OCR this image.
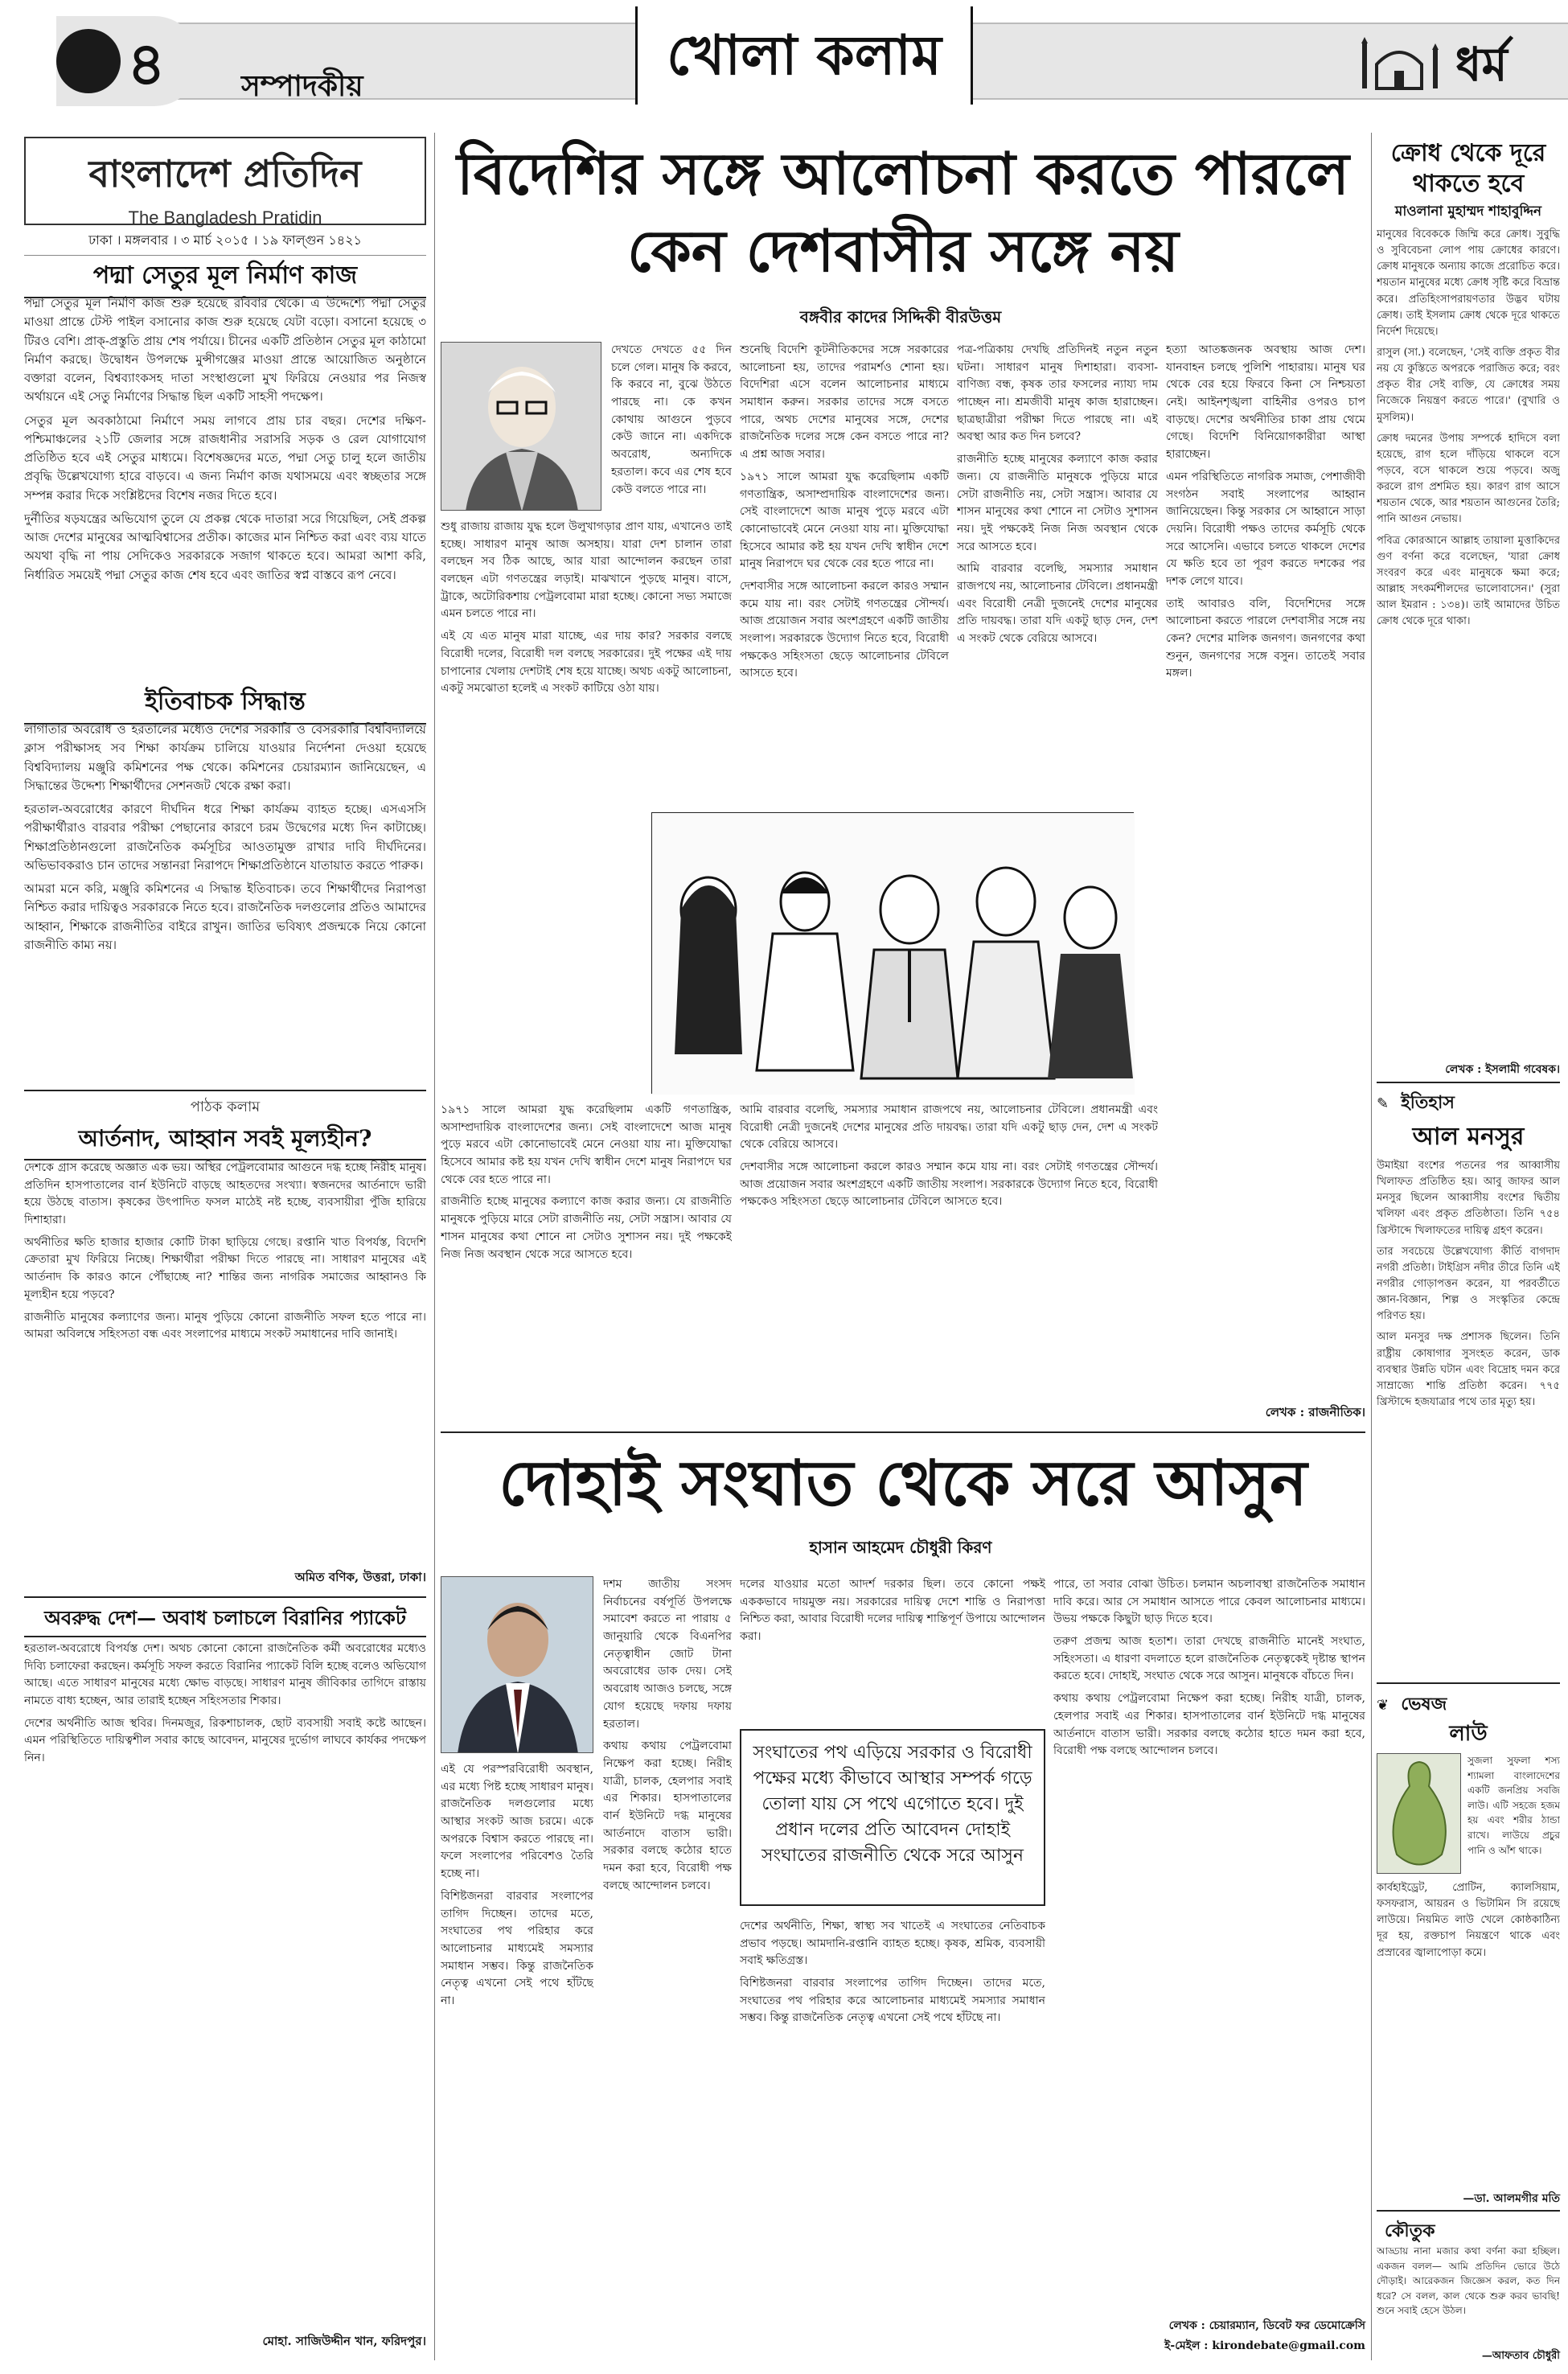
৪	সম্পাদকীয়	খোলা কলাম	ধর্ম
বাংলাদেশ প্রতিদিন
The Bangladesh Pratidin
ঢাকা । মঙ্গলবার । ৩ মার্চ ২০১৫ । ১৯ ফাল্গুন ১৪২১
পদ্মা সেতুর মূল নির্মাণ কাজ

পদ্মা সেতুর মূল নির্মাণ কাজ শুরু হয়েছে রবিবার থেকে। এ উদ্দেশ্যে পদ্মা সেতুর মাওয়া প্রান্তে টেস্ট পাইল বসানোর কাজ শুরু হয়েছে যেটা বড়ো। বসানো হয়েছে ৩ টিরও বেশি। প্রাক্-প্রস্তুতি প্রায় শেষ পর্যায়ে। চীনের একটি প্রতিষ্ঠান সেতুর মূল কাঠামো নির্মাণ করছে। উদ্বোধন উপলক্ষে মুন্সীগঞ্জের মাওয়া প্রান্তে আয়োজিত অনুষ্ঠানে বক্তারা বলেন, বিশ্বব্যাংকসহ দাতা সংস্থাগুলো মুখ ফিরিয়ে নেওয়ার পর নিজস্ব অর্থায়নে এই সেতু নির্মাণের সিদ্ধান্ত ছিল একটি সাহসী পদক্ষেপ।

সেতুর মূল অবকাঠামো নির্মাণে সময় লাগবে প্রায় চার বছর। দেশের দক্ষিণ-পশ্চিমাঞ্চলের ২১টি জেলার সঙ্গে রাজধানীর সরাসরি সড়ক ও রেল যোগাযোগ প্রতিষ্ঠিত হবে এই সেতুর মাধ্যমে। বিশেষজ্ঞদের মতে, পদ্মা সেতু চালু হলে জাতীয় প্রবৃদ্ধি উল্লেখযোগ্য হারে বাড়বে। এ জন্য নির্মাণ কাজ যথাসময়ে এবং স্বচ্ছতার সঙ্গে সম্পন্ন করার দিকে সংশ্লিষ্টদের বিশেষ নজর দিতে হবে।

দুর্নীতির ষড়যন্ত্রের অভিযোগ তুলে যে প্রকল্প থেকে দাতারা সরে গিয়েছিল, সেই প্রকল্প আজ দেশের মানুষের আত্মবিশ্বাসের প্রতীক। কাজের মান নিশ্চিত করা এবং ব্যয় যাতে অযথা বৃদ্ধি না পায় সেদিকেও সরকারকে সজাগ থাকতে হবে। আমরা আশা করি, নির্ধারিত সময়েই পদ্মা সেতুর কাজ শেষ হবে এবং জাতির স্বপ্ন বাস্তবে রূপ নেবে।

ইতিবাচক সিদ্ধান্ত

লাগাতার অবরোধ ও হরতালের মধ্যেও দেশের সরকারি ও বেসরকারি বিশ্ববিদ্যালয়ে ক্লাস পরীক্ষাসহ সব শিক্ষা কার্যক্রম চালিয়ে যাওয়ার নির্দেশনা দেওয়া হয়েছে বিশ্ববিদ্যালয় মঞ্জুরি কমিশনের পক্ষ থেকে। কমিশনের চেয়ারম্যান জানিয়েছেন, এ সিদ্ধান্তের উদ্দেশ্য শিক্ষার্থীদের সেশনজট থেকে রক্ষা করা।

হরতাল-অবরোধের কারণে দীর্ঘদিন ধরে শিক্ষা কার্যক্রম ব্যাহত হচ্ছে। এসএসসি পরীক্ষার্থীরাও বারবার পরীক্ষা পেছানোর কারণে চরম উদ্বেগের মধ্যে দিন কাটাচ্ছে। শিক্ষাপ্রতিষ্ঠানগুলো রাজনৈতিক কর্মসূচির আওতামুক্ত রাখার দাবি দীর্ঘদিনের। অভিভাবকরাও চান তাদের সন্তানরা নিরাপদে শিক্ষাপ্রতিষ্ঠানে যাতায়াত করতে পারুক।

আমরা মনে করি, মঞ্জুরি কমিশনের এ সিদ্ধান্ত ইতিবাচক। তবে শিক্ষার্থীদের নিরাপত্তা নিশ্চিত করার দায়িত্বও সরকারকে নিতে হবে। রাজনৈতিক দলগুলোর প্রতিও আমাদের আহ্বান, শিক্ষাকে রাজনীতির বাইরে রাখুন। জাতির ভবিষ্যৎ প্রজন্মকে নিয়ে কোনো রাজনীতি কাম্য নয়।

পাঠক কলাম
আর্তনাদ, আহ্বান সবই মূল্যহীন?

দেশকে গ্রাস করেছে অজ্ঞাত এক ভয়। অস্থির পেট্রলবোমার আগুনে দগ্ধ হচ্ছে নিরীহ মানুষ। প্রতিদিন হাসপাতালের বার্ন ইউনিটে বাড়ছে আহতদের সংখ্যা। স্বজনদের আর্তনাদে ভারী হয়ে উঠছে বাতাস। কৃষকের উৎপাদিত ফসল মাঠেই নষ্ট হচ্ছে, ব্যবসায়ীরা পুঁজি হারিয়ে দিশাহারা।

অর্থনীতির ক্ষতি হাজার হাজার কোটি টাকা ছাড়িয়ে গেছে। রপ্তানি খাত বিপর্যস্ত, বিদেশি ক্রেতারা মুখ ফিরিয়ে নিচ্ছে। শিক্ষার্থীরা পরীক্ষা দিতে পারছে না। সাধারণ মানুষের এই আর্তনাদ কি কারও কানে পৌঁছাচ্ছে না? শান্তির জন্য নাগরিক সমাজের আহ্বানও কি মূল্যহীন হয়ে পড়বে?

রাজনীতি মানুষের কল্যাণের জন্য। মানুষ পুড়িয়ে কোনো রাজনীতি সফল হতে পারে না। আমরা অবিলম্বে সহিংসতা বন্ধ এবং সংলাপের মাধ্যমে সংকট সমাধানের দাবি জানাই।

অমিত বণিক, উত্তরা, ঢাকা।
অবরুদ্ধ দেশ— অবাধ চলাচলে বিরানির প্যাকেট

হরতাল-অবরোধে বিপর্যস্ত দেশ। অথচ কোনো কোনো রাজনৈতিক কর্মী অবরোধের মধ্যেও দিব্যি চলাফেরা করছেন। কর্মসূচি সফল করতে বিরানির প্যাকেট বিলি হচ্ছে বলেও অভিযোগ আছে। এতে সাধারণ মানুষের মধ্যে ক্ষোভ বাড়ছে। সাধারণ মানুষ জীবিকার তাগিদে রাস্তায় নামতে বাধ্য হচ্ছেন, আর তারাই হচ্ছেন সহিংসতার শিকার।

দেশের অর্থনীতি আজ স্থবির। দিনমজুর, রিকশাচালক, ছোট ব্যবসায়ী সবাই কষ্টে আছেন। এমন পরিস্থিতিতে দায়িত্বশীল সবার কাছে আবেদন, মানুষের দুর্ভোগ লাঘবে কার্যকর পদক্ষেপ নিন।

মোহা. সাজিউদ্দীন খান, ফরিদপুর।
বিদেশির সঙ্গে আলোচনা করতে পারলে
কেন দেশবাসীর সঙ্গে নয়
বঙ্গবীর কাদের সিদ্দিকী বীরউত্তম

দেখতে দেখতে ৫৫ দিন চলে গেল। মানুষ কি করবে, কি করবে না, বুঝে উঠতে পারছে না। কে কখন কোথায় আগুনে পুড়বে কেউ জানে না। একদিকে অবরোধ, অন্যদিকে হরতাল। কবে এর শেষ হবে কেউ বলতে পারে না।

শুধু রাজায় রাজায় যুদ্ধ হলে উলুখাগড়ার প্রাণ যায়, এখানেও তাই হচ্ছে। সাধারণ মানুষ আজ অসহায়। যারা দেশ চালান তারা বলছেন সব ঠিক আছে, আর যারা আন্দোলন করছেন তারা বলছেন এটা গণতন্ত্রের লড়াই। মাঝখানে পুড়ছে মানুষ। বাসে, ট্রাকে, অটোরিকশায় পেট্রলবোমা মারা হচ্ছে। কোনো সভ্য সমাজে এমন চলতে পারে না।

এই যে এত মানুষ মারা যাচ্ছে, এর দায় কার? সরকার বলছে বিরোধী দলের, বিরোধী দল বলছে সরকারের। দুই পক্ষের এই দায় চাপানোর খেলায় দেশটাই শেষ হয়ে যাচ্ছে। অথচ একটু আলোচনা, একটু সমঝোতা হলেই এ সংকট কাটিয়ে ওঠা যায়।

শুনেছি বিদেশি কূটনীতিকদের সঙ্গে সরকারের আলোচনা হয়, তাদের পরামর্শও শোনা হয়। বিদেশিরা এসে বলেন আলোচনার মাধ্যমে সমাধান করুন। সরকার তাদের সঙ্গে বসতে পারে, অথচ দেশের মানুষের সঙ্গে, দেশের রাজনৈতিক দলের সঙ্গে কেন বসতে পারে না? এ প্রশ্ন আজ সবার।

১৯৭১ সালে আমরা যুদ্ধ করেছিলাম একটি গণতান্ত্রিক, অসাম্প্রদায়িক বাংলাদেশের জন্য। সেই বাংলাদেশে আজ মানুষ পুড়ে মরবে এটা কোনোভাবেই মেনে নেওয়া যায় না। মুক্তিযোদ্ধা হিসেবে আমার কষ্ট হয় যখন দেখি স্বাধীন দেশে মানুষ নিরাপদে ঘর থেকে বের হতে পারে না।

দেশবাসীর সঙ্গে আলোচনা করলে কারও সম্মান কমে যায় না। বরং সেটাই গণতন্ত্রের সৌন্দর্য। আজ প্রয়োজন সবার অংশগ্রহণে একটি জাতীয় সংলাপ। সরকারকে উদ্যোগ নিতে হবে, বিরোধী পক্ষকেও সহিংসতা ছেড়ে আলোচনার টেবিলে আসতে হবে।

পত্র-পত্রিকায় দেখছি প্রতিদিনই নতুন নতুন ঘটনা। সাধারণ মানুষ দিশাহারা। ব্যবসা-বাণিজ্য বন্ধ, কৃষক তার ফসলের ন্যায্য দাম পাচ্ছেন না। শ্রমজীবী মানুষ কাজ হারাচ্ছেন। ছাত্রছাত্রীরা পরীক্ষা দিতে পারছে না। এই অবস্থা আর কত দিন চলবে?

রাজনীতি হচ্ছে মানুষের কল্যাণে কাজ করার জন্য। যে রাজনীতি মানুষকে পুড়িয়ে মারে সেটা রাজনীতি নয়, সেটা সন্ত্রাস। আবার যে শাসন মানুষের কথা শোনে না সেটাও সুশাসন নয়। দুই পক্ষকেই নিজ নিজ অবস্থান থেকে সরে আসতে হবে।

আমি বারবার বলেছি, সমস্যার সমাধান রাজপথে নয়, আলোচনার টেবিলে। প্রধানমন্ত্রী এবং বিরোধী নেত্রী দুজনেই দেশের মানুষের প্রতি দায়বদ্ধ। তারা যদি একটু ছাড় দেন, দেশ এ সংকট থেকে বেরিয়ে আসবে।

হত্যা আতঙ্কজনক অবস্থায় আজ দেশ। যানবাহন চলছে পুলিশি পাহারায়। মানুষ ঘর থেকে বের হয়ে ফিরবে কিনা সে নিশ্চয়তা নেই। আইনশৃঙ্খলা বাহিনীর ওপরও চাপ বাড়ছে। দেশের অর্থনীতির চাকা প্রায় থেমে গেছে। বিদেশি বিনিয়োগকারীরা আস্থা হারাচ্ছেন।

এমন পরিস্থিতিতে নাগরিক সমাজ, পেশাজীবী সংগঠন সবাই সংলাপের আহ্বান জানিয়েছেন। কিন্তু সরকার সে আহ্বানে সাড়া দেয়নি। বিরোধী পক্ষও তাদের কর্মসূচি থেকে সরে আসেনি। এভাবে চলতে থাকলে দেশের যে ক্ষতি হবে তা পূরণ করতে দশকের পর দশক লেগে যাবে।

তাই আবারও বলি, বিদেশিদের সঙ্গে আলোচনা করতে পারলে দেশবাসীর সঙ্গে নয় কেন? দেশের মালিক জনগণ। জনগণের কথা শুনুন, জনগণের সঙ্গে বসুন। তাতেই সবার মঙ্গল।

১৯৭১ সালে আমরা যুদ্ধ করেছিলাম একটি গণতান্ত্রিক, অসাম্প্রদায়িক বাংলাদেশের জন্য। সেই বাংলাদেশে আজ মানুষ পুড়ে মরবে এটা কোনোভাবেই মেনে নেওয়া যায় না। মুক্তিযোদ্ধা হিসেবে আমার কষ্ট হয় যখন দেখি স্বাধীন দেশে মানুষ নিরাপদে ঘর থেকে বের হতে পারে না।

রাজনীতি হচ্ছে মানুষের কল্যাণে কাজ করার জন্য। যে রাজনীতি মানুষকে পুড়িয়ে মারে সেটা রাজনীতি নয়, সেটা সন্ত্রাস। আবার যে শাসন মানুষের কথা শোনে না সেটাও সুশাসন নয়। দুই পক্ষকেই নিজ নিজ অবস্থান থেকে সরে আসতে হবে।

আমি বারবার বলেছি, সমস্যার সমাধান রাজপথে নয়, আলোচনার টেবিলে। প্রধানমন্ত্রী এবং বিরোধী নেত্রী দুজনেই দেশের মানুষের প্রতি দায়বদ্ধ। তারা যদি একটু ছাড় দেন, দেশ এ সংকট থেকে বেরিয়ে আসবে।

দেশবাসীর সঙ্গে আলোচনা করলে কারও সম্মান কমে যায় না। বরং সেটাই গণতন্ত্রের সৌন্দর্য। আজ প্রয়োজন সবার অংশগ্রহণে একটি জাতীয় সংলাপ। সরকারকে উদ্যোগ নিতে হবে, বিরোধী পক্ষকেও সহিংসতা ছেড়ে আলোচনার টেবিলে আসতে হবে।

লেখক : রাজনীতিক।
দোহাই সংঘাত থেকে সরে আসুন
হাসান আহমেদ চৌধুরী কিরণ

দশম জাতীয় সংসদ নির্বাচনের বর্ষপূর্তি উপলক্ষে সমাবেশ করতে না পারায় ৫ জানুয়ারি থেকে বিএনপির নেতৃত্বাধীন জোট টানা অবরোধের ডাক দেয়। সেই অবরোধ আজও চলছে, সঙ্গে যোগ হয়েছে দফায় দফায় হরতাল।

কথায় কথায় পেট্রলবোমা নিক্ষেপ করা হচ্ছে। নিরীহ যাত্রী, চালক, হেলপার সবাই এর শিকার। হাসপাতালের বার্ন ইউনিটে দগ্ধ মানুষের আর্তনাদে বাতাস ভারী। সরকার বলছে কঠোর হাতে দমন করা হবে, বিরোধী পক্ষ বলছে আন্দোলন চলবে।

এই যে পরস্পরবিরোধী অবস্থান, এর মধ্যে পিষ্ট হচ্ছে সাধারণ মানুষ। রাজনৈতিক দলগুলোর মধ্যে আস্থার সংকট আজ চরমে। একে অপরকে বিশ্বাস করতে পারছে না। ফলে সংলাপের পরিবেশও তৈরি হচ্ছে না।

বিশিষ্টজনরা বারবার সংলাপের তাগিদ দিচ্ছেন। তাদের মতে, সংঘাতের পথ পরিহার করে আলোচনার মাধ্যমেই সমস্যার সমাধান সম্ভব। কিন্তু রাজনৈতিক নেতৃত্ব এখনো সেই পথে হাঁটছে না।

দলের যাওয়ার মতো আদর্শ দরকার ছিল। তবে কোনো পক্ষই এককভাবে দায়মুক্ত নয়। সরকারের দায়িত্ব দেশে শান্তি ও নিরাপত্তা নিশ্চিত করা, আবার বিরোধী দলের দায়িত্ব শান্তিপূর্ণ উপায়ে আন্দোলন করা।

সংঘাতের পথ এড়িয়ে সরকার ও বিরোধী পক্ষের মধ্যে কীভাবে আস্থার সম্পর্ক গড়ে তোলা যায় সে পথে এগোতে হবে। দুই প্রধান দলের প্রতি আবেদন দোহাই সংঘাতের রাজনীতি থেকে সরে আসুন

দেশের অর্থনীতি, শিক্ষা, স্বাস্থ্য সব খাতেই এ সংঘাতের নেতিবাচক প্রভাব পড়ছে। আমদানি-রপ্তানি ব্যাহত হচ্ছে। কৃষক, শ্রমিক, ব্যবসায়ী সবাই ক্ষতিগ্রস্ত।

বিশিষ্টজনরা বারবার সংলাপের তাগিদ দিচ্ছেন। তাদের মতে, সংঘাতের পথ পরিহার করে আলোচনার মাধ্যমেই সমস্যার সমাধান সম্ভব। কিন্তু রাজনৈতিক নেতৃত্ব এখনো সেই পথে হাঁটছে না।

পারে, তা সবার বোঝা উচিত। চলমান অচলাবস্থা রাজনৈতিক সমাধান দাবি করে। আর সে সমাধান আসতে পারে কেবল আলোচনার মাধ্যমে। উভয় পক্ষকে কিছুটা ছাড় দিতে হবে।

তরুণ প্রজন্ম আজ হতাশ। তারা দেখছে রাজনীতি মানেই সংঘাত, সহিংসতা। এ ধারণা বদলাতে হলে রাজনৈতিক নেতৃত্বকেই দৃষ্টান্ত স্থাপন করতে হবে। দোহাই, সংঘাত থেকে সরে আসুন। মানুষকে বাঁচতে দিন।

কথায় কথায় পেট্রলবোমা নিক্ষেপ করা হচ্ছে। নিরীহ যাত্রী, চালক, হেলপার সবাই এর শিকার। হাসপাতালের বার্ন ইউনিটে দগ্ধ মানুষের আর্তনাদে বাতাস ভারী। সরকার বলছে কঠোর হাতে দমন করা হবে, বিরোধী পক্ষ বলছে আন্দোলন চলবে।

লেখক : চেয়ারম্যান, ডিবেট ফর ডেমোক্রেসি
ই-মেইল : kirondebate@gmail.com
ক্রোধ থেকে দূরে থাকতে হবে
মাওলানা মুহাম্মদ শাহাবুদ্দিন

মানুষের বিবেককে জিম্মি করে ক্রোধ। সুবুদ্ধি ও সুবিবেচনা লোপ পায় ক্রোধের কারণে। ক্রোধ মানুষকে অন্যায় কাজে প্ররোচিত করে। শয়তান মানুষের মধ্যে ক্রোধ সৃষ্টি করে বিভ্রান্ত করে। প্রতিহিংসাপরায়ণতার উদ্ভব ঘটায় ক্রোধ। তাই ইসলাম ক্রোধ থেকে দূরে থাকতে নির্দেশ দিয়েছে।

রাসুল (সা.) বলেছেন, 'সেই ব্যক্তি প্রকৃত বীর নয় যে কুস্তিতে অপরকে পরাজিত করে; বরং প্রকৃত বীর সেই ব্যক্তি, যে ক্রোধের সময় নিজেকে নিয়ন্ত্রণ করতে পারে।' (বুখারি ও মুসলিম)।

ক্রোধ দমনের উপায় সম্পর্কে হাদিসে বলা হয়েছে, রাগ হলে দাঁড়িয়ে থাকলে বসে পড়বে, বসে থাকলে শুয়ে পড়বে। অজু করলে রাগ প্রশমিত হয়। কারণ রাগ আসে শয়তান থেকে, আর শয়তান আগুনের তৈরি; পানি আগুন নেভায়।

পবিত্র কোরআনে আল্লাহ তায়ালা মুত্তাকিদের গুণ বর্ণনা করে বলেছেন, 'যারা ক্রোধ সংবরণ করে এবং মানুষকে ক্ষমা করে; আল্লাহ সৎকর্মশীলদের ভালোবাসেন।' (সুরা আল ইমরান : ১৩৪)। তাই আমাদের উচিত ক্রোধ থেকে দূরে থাকা।

লেখক : ইসলামী গবেষক।
✎ ইতিহাস
আল মনসুর

উমাইয়া বংশের পতনের পর আব্বাসীয় খিলাফত প্রতিষ্ঠিত হয়। আবু জাফর আল মনসুর ছিলেন আব্বাসীয় বংশের দ্বিতীয় খলিফা এবং প্রকৃত প্রতিষ্ঠাতা। তিনি ৭৫৪ খ্রিস্টাব্দে খিলাফতের দায়িত্ব গ্রহণ করেন।

তার সবচেয়ে উল্লেখযোগ্য কীর্তি বাগদাদ নগরী প্রতিষ্ঠা। টাইগ্রিস নদীর তীরে তিনি এই নগরীর গোড়াপত্তন করেন, যা পরবর্তীতে জ্ঞান-বিজ্ঞান, শিল্প ও সংস্কৃতির কেন্দ্রে পরিণত হয়।

আল মনসুর দক্ষ প্রশাসক ছিলেন। তিনি রাষ্ট্রীয় কোষাগার সুসংহত করেন, ডাক ব্যবস্থার উন্নতি ঘটান এবং বিদ্রোহ দমন করে সাম্রাজ্যে শান্তি প্রতিষ্ঠা করেন। ৭৭৫ খ্রিস্টাব্দে হজযাত্রার পথে তার মৃত্যু হয়।

❦ ভেষজ
লাউ

সুজলা সুফলা শস্য শ্যামলা বাংলাদেশের একটি জনপ্রিয় সবজি লাউ। এটি সহজে হজম হয় এবং শরীর ঠান্ডা রাখে। লাউয়ে প্রচুর পানি ও আঁশ থাকে।

কার্বহাইড্রেট, প্রোটিন, ক্যালসিয়াম, ফসফরাস, আয়রন ও ভিটামিন সি রয়েছে লাউয়ে। নিয়মিত লাউ খেলে কোষ্ঠকাঠিন্য দূর হয়, রক্তচাপ নিয়ন্ত্রণে থাকে এবং প্রস্রাবের জ্বালাপোড়া কমে।

—ডা. আলমগীর মতি
কৌতুক

আড্ডায় নানা মজার কথা বর্ণনা করা হচ্ছিল। একজন বলল— আমি প্রতিদিন ভোরে উঠে দৌড়াই। আরেকজন জিজ্ঞেস করল, কত দিন ধরে? সে বলল, কাল থেকে শুরু করব ভাবছি! শুনে সবাই হেসে উঠল।

—আফতাব চৌধুরী
